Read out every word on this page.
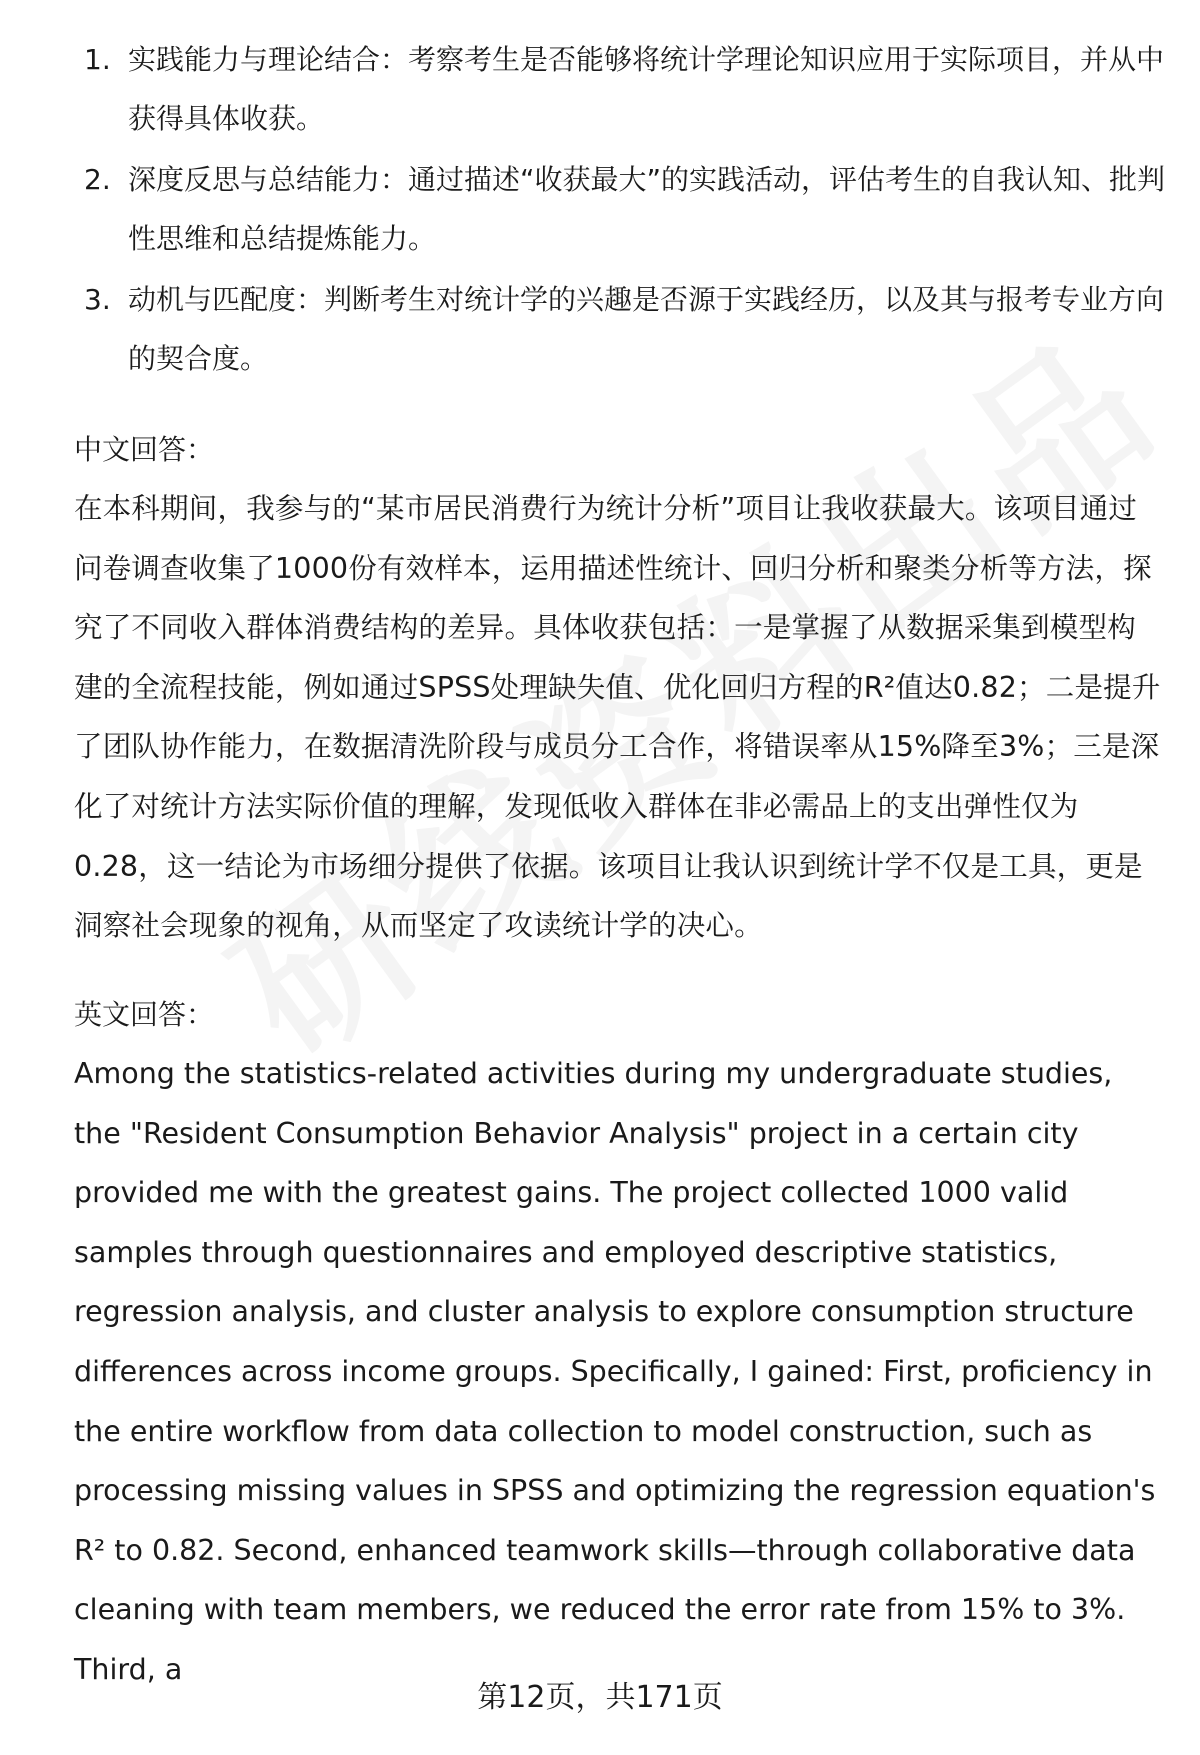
1. 实践能力与理论结合：考察考生是否能够将统计学理论知识应用于实际项目，并从中获得具体收获。
2. 深度反思与总结能力：通过描述“收获最大”的实践活动，评估考生的自我认知、批判性思维和总结提炼能力。
3. 动机与匹配度：判断考生对统计学的兴趣是否源于实践经历，以及其与报考专业方向的契合度。
中文回答：
在本科期间，我参与的“某市居民消费行为统计分析”项目让我收获最大。该项目通过问卷调查收集了1000份有效样本，运用描述性统计、回归分析和聚类分析等方法，探究了不同收入群体消费结构的差异。具体收获包括：一是掌握了从数据采集到模型构建的全流程技能，例如通过SPSS处理缺失值、优化回归方程的R²值达0.82；二是提升了团队协作能力，在数据清洗阶段与成员分工合作，将错误率从15%降至3%；三是深化了对统计方法实际价值的理解，发现低收入群体在非必需品上的支出弹性仅为0.28，这一结论为市场细分提供了依据。该项目让我认识到统计学不仅是工具，更是洞察社会现象的视角，从而坚定了攻读统计学的决心。
英文回答：
Among the statistics-related activities during my undergraduate studies, the "Resident Consumption Behavior Analysis" project in a certain city provided me with the greatest gains. The project collected 1000 valid samples through questionnaires and employed descriptive statistics, regression analysis, and cluster analysis to explore consumption structure differences across income groups. Specifically, I gained: First, proficiency in the entire workflow from data collection to model construction, such as processing missing values in SPSS and optimizing the regression equation's R² to 0.82. Second, enhanced teamwork skills—through collaborative data cleaning with team members, we reduced the error rate from 15% to 3%. Third, a
第12页，共171页
